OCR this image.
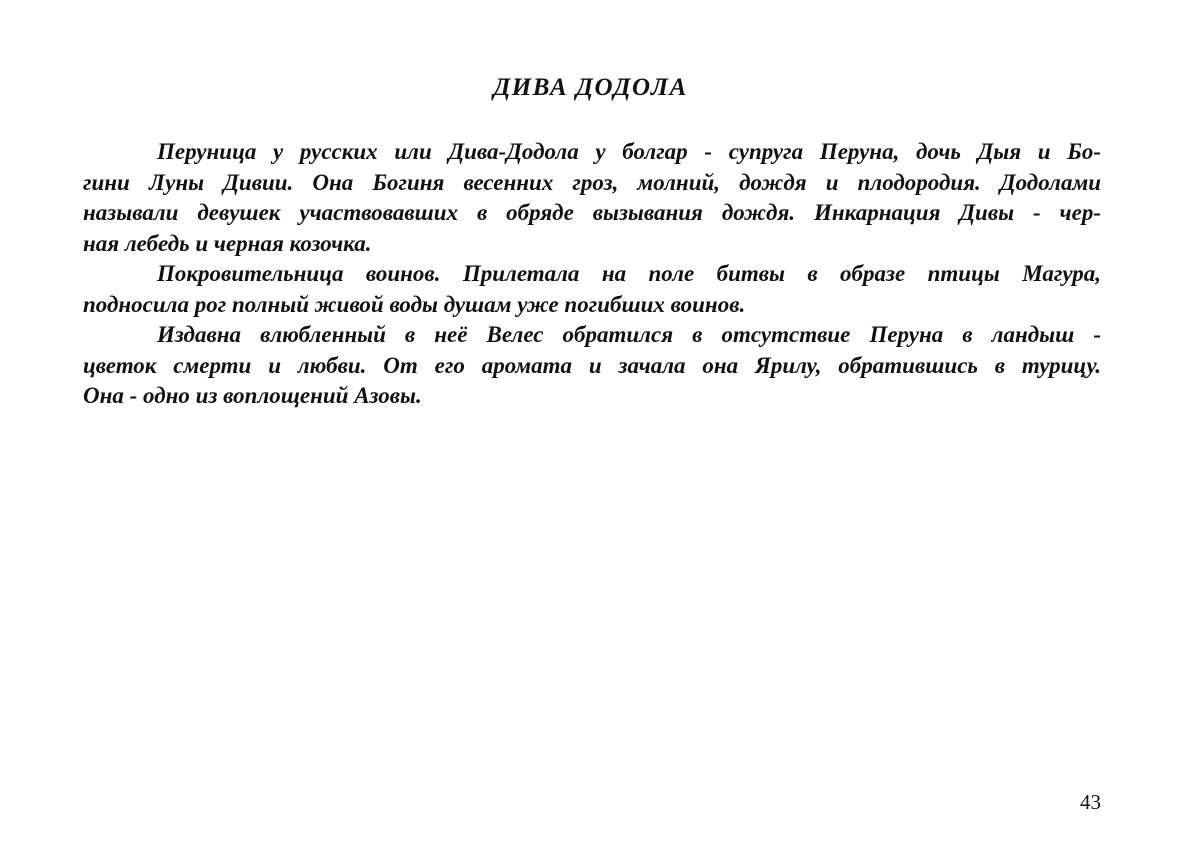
ДИВА ДОДОЛА
Перуница у русских или Дива-Додола у болгар - супруга Перуна, дочь Дыя и Бо-
гини Луны Дивии. Она Богиня весенних гроз, молний, дождя и плодородия. Додолами
называли девушек участвовавших в обряде вызывания дождя. Инкарнация Дивы - чер-
ная лебедь и черная козочка.
Покровительница воинов. Прилетала на поле битвы в образе птицы Магура,
подносила рог полный живой воды душам уже погибших воинов.
Издавна влюбленный в неё Велес обратился в отсутствие Перуна в ландыш -
цветок смерти и любви. От его аромата и зачала она Ярилу, обратившись в турицу.
Она - одно из воплощений Азовы.
43
